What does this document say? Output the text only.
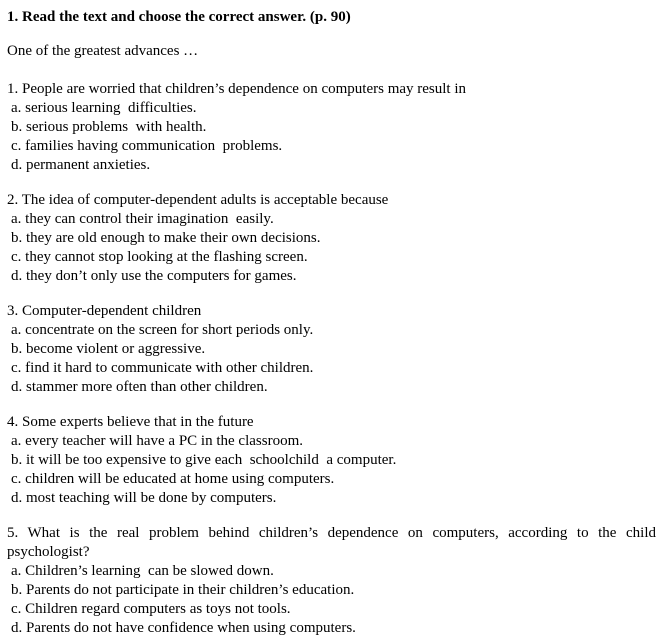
1. Read the text and choose the correct answer. (p. 90)

One of the greatest advances …

1. People are worried that children’s dependence on computers may result in

a. serious learning  difficulties.

b. serious problems  with health.

c. families having communication  problems.

d. permanent anxieties.

2. The idea of computer-dependent adults is acceptable because

a. they can control their imagination  easily.

b. they are old enough to make their own decisions.

c. they cannot stop looking at the flashing screen.

d. they don’t only use the computers for games.

3. Computer-dependent children

a. concentrate on the screen for short periods only.

b. become violent or aggressive.

c. find it hard to communicate with other children.

d. stammer more often than other children.

4. Some experts believe that in the future

a. every teacher will have a PC in the classroom.

b. it will be too expensive to give each  schoolchild  a computer.

c. children will be educated at home using computers.

d. most teaching will be done by computers.

5. What is the real problem behind children’s dependence on computers, according to the child psychologist?

a. Children’s learning  can be slowed down.

b. Parents do not participate in their children’s education.

c. Children regard computers as toys not tools.

d. Parents do not have confidence when using computers.
